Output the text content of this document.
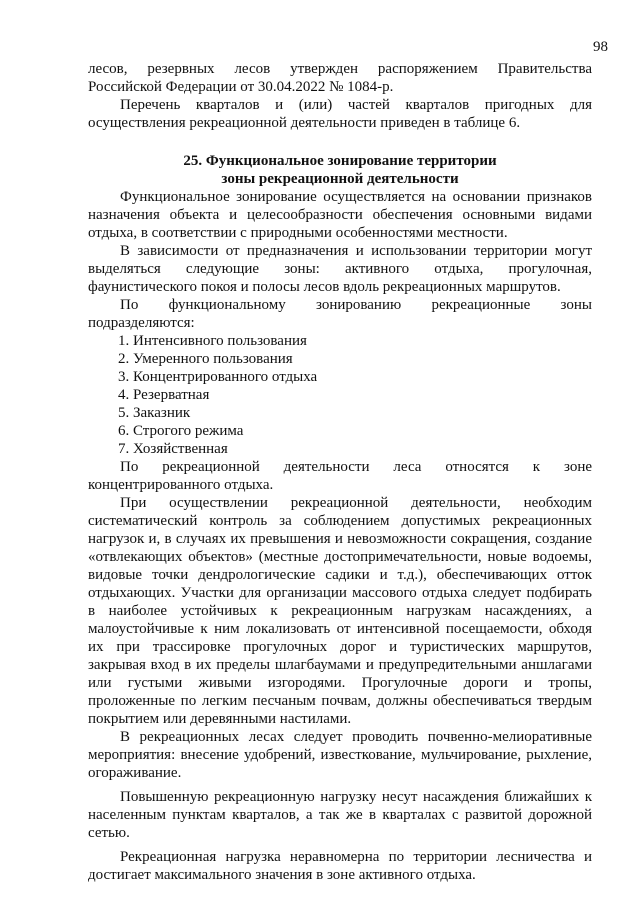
98

лесов, резервных лесов утвержден распоряжением Правительства

Российской Федерации от 30.04.2022 № 1084-р.

Перечень кварталов и (или) частей кварталов пригодных для

осуществления рекреационной деятельности приведен в таблице 6.

25. Функциональное зонирование территории

зоны рекреационной деятельности

Функциональное зонирование осуществляется на основании признаков

назначения объекта и целесообразности обеспечения основными видами

отдыха, в соответствии с природными особенностями местности.

В зависимости от предназначения и использовании территории могут

выделяться следующие зоны: активного отдыха, прогулочная,

фаунистического покоя и полосы лесов вдоль рекреационных маршрутов.

По функциональному зонированию рекреационные зоны

подразделяются:

1. Интенсивного пользования
2. Умеренного пользования
3. Концентрированного отдыха
4. Резерватная
5. Заказник
6. Строгого режима
7. Хозяйственная

По рекреационной деятельности леса относятся к зоне

концентрированного отдыха.

При осуществлении рекреационной деятельности, необходим

систематический контроль за соблюдением допустимых рекреационных

нагрузок и, в случаях их превышения и невозможности сокращения, создание

«отвлекающих объектов» (местные достопримечательности, новые водоемы,

видовые точки дендрологические садики и т.д.), обеспечивающих отток

отдыхающих. Участки для организации массового отдыха следует подбирать

в наиболее устойчивых к рекреационным нагрузкам насаждениях, а

малоустойчивые к ним локализовать от интенсивной посещаемости, обходя

их при трассировке прогулочных дорог и туристических маршрутов,

закрывая вход в их пределы шлагбаумами и предупредительными аншлагами

или густыми живыми изгородями. Прогулочные дороги и тропы,

проложенные по легким песчаным почвам, должны обеспечиваться твердым

покрытием или деревянными настилами.

В рекреационных лесах следует проводить почвенно-мелиоративные

мероприятия: внесение удобрений, известкование, мульчирование, рыхление,

огораживание.

Повышенную рекреационную нагрузку несут насаждения ближайших к

населенным пунктам кварталов, а так же в кварталах с развитой дорожной

сетью.

Рекреационная нагрузка неравномерна по территории лесничества и

достигает максимального значения в зоне активного отдыха.
